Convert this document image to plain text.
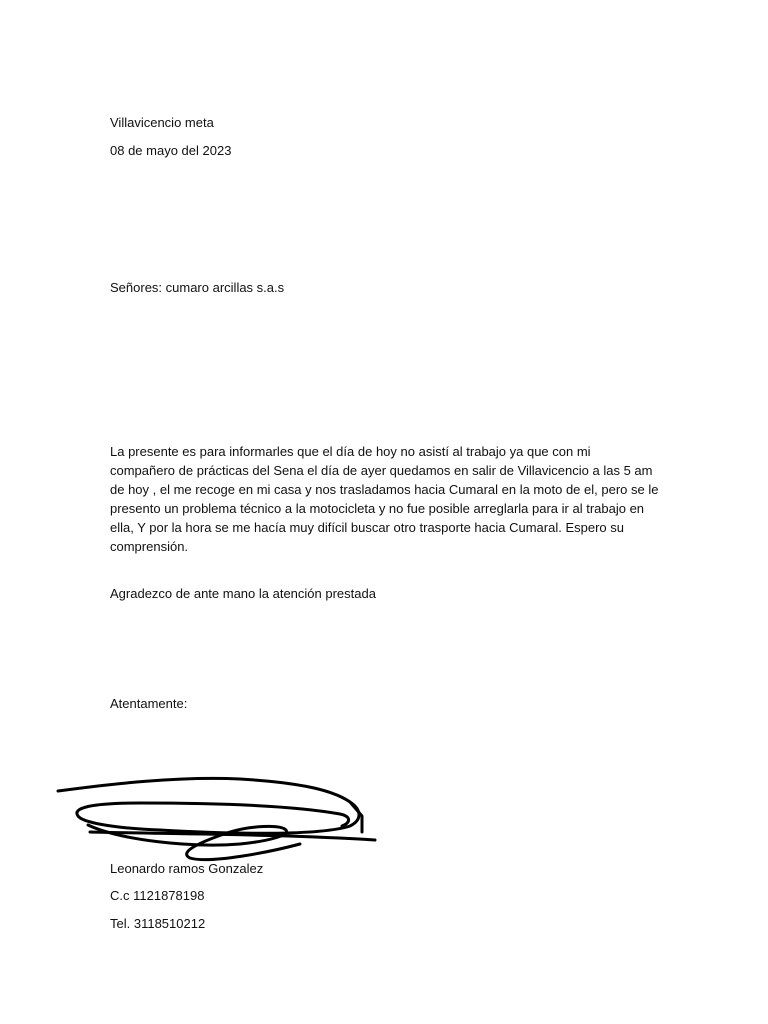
Villavicencio meta
08 de mayo del 2023
Señores: cumaro arcillas s.a.s
La presente es para informarles que el día de hoy no asistí al trabajo ya que con mi
compañero de prácticas del Sena el día de ayer quedamos en salir de Villavicencio a las 5 am
de hoy , el me recoge en mi casa y nos trasladamos hacia Cumaral en la moto de el, pero se le
presento un problema técnico a la motocicleta y no fue posible arreglarla para ir al trabajo en
ella, Y por la hora se me hacía muy difícil buscar otro trasporte hacia Cumaral. Espero su
comprensión.
Agradezco de ante mano la atención prestada
Atentamente:
Leonardo ramos Gonzalez
C.c 1121878198
Tel. 3118510212
